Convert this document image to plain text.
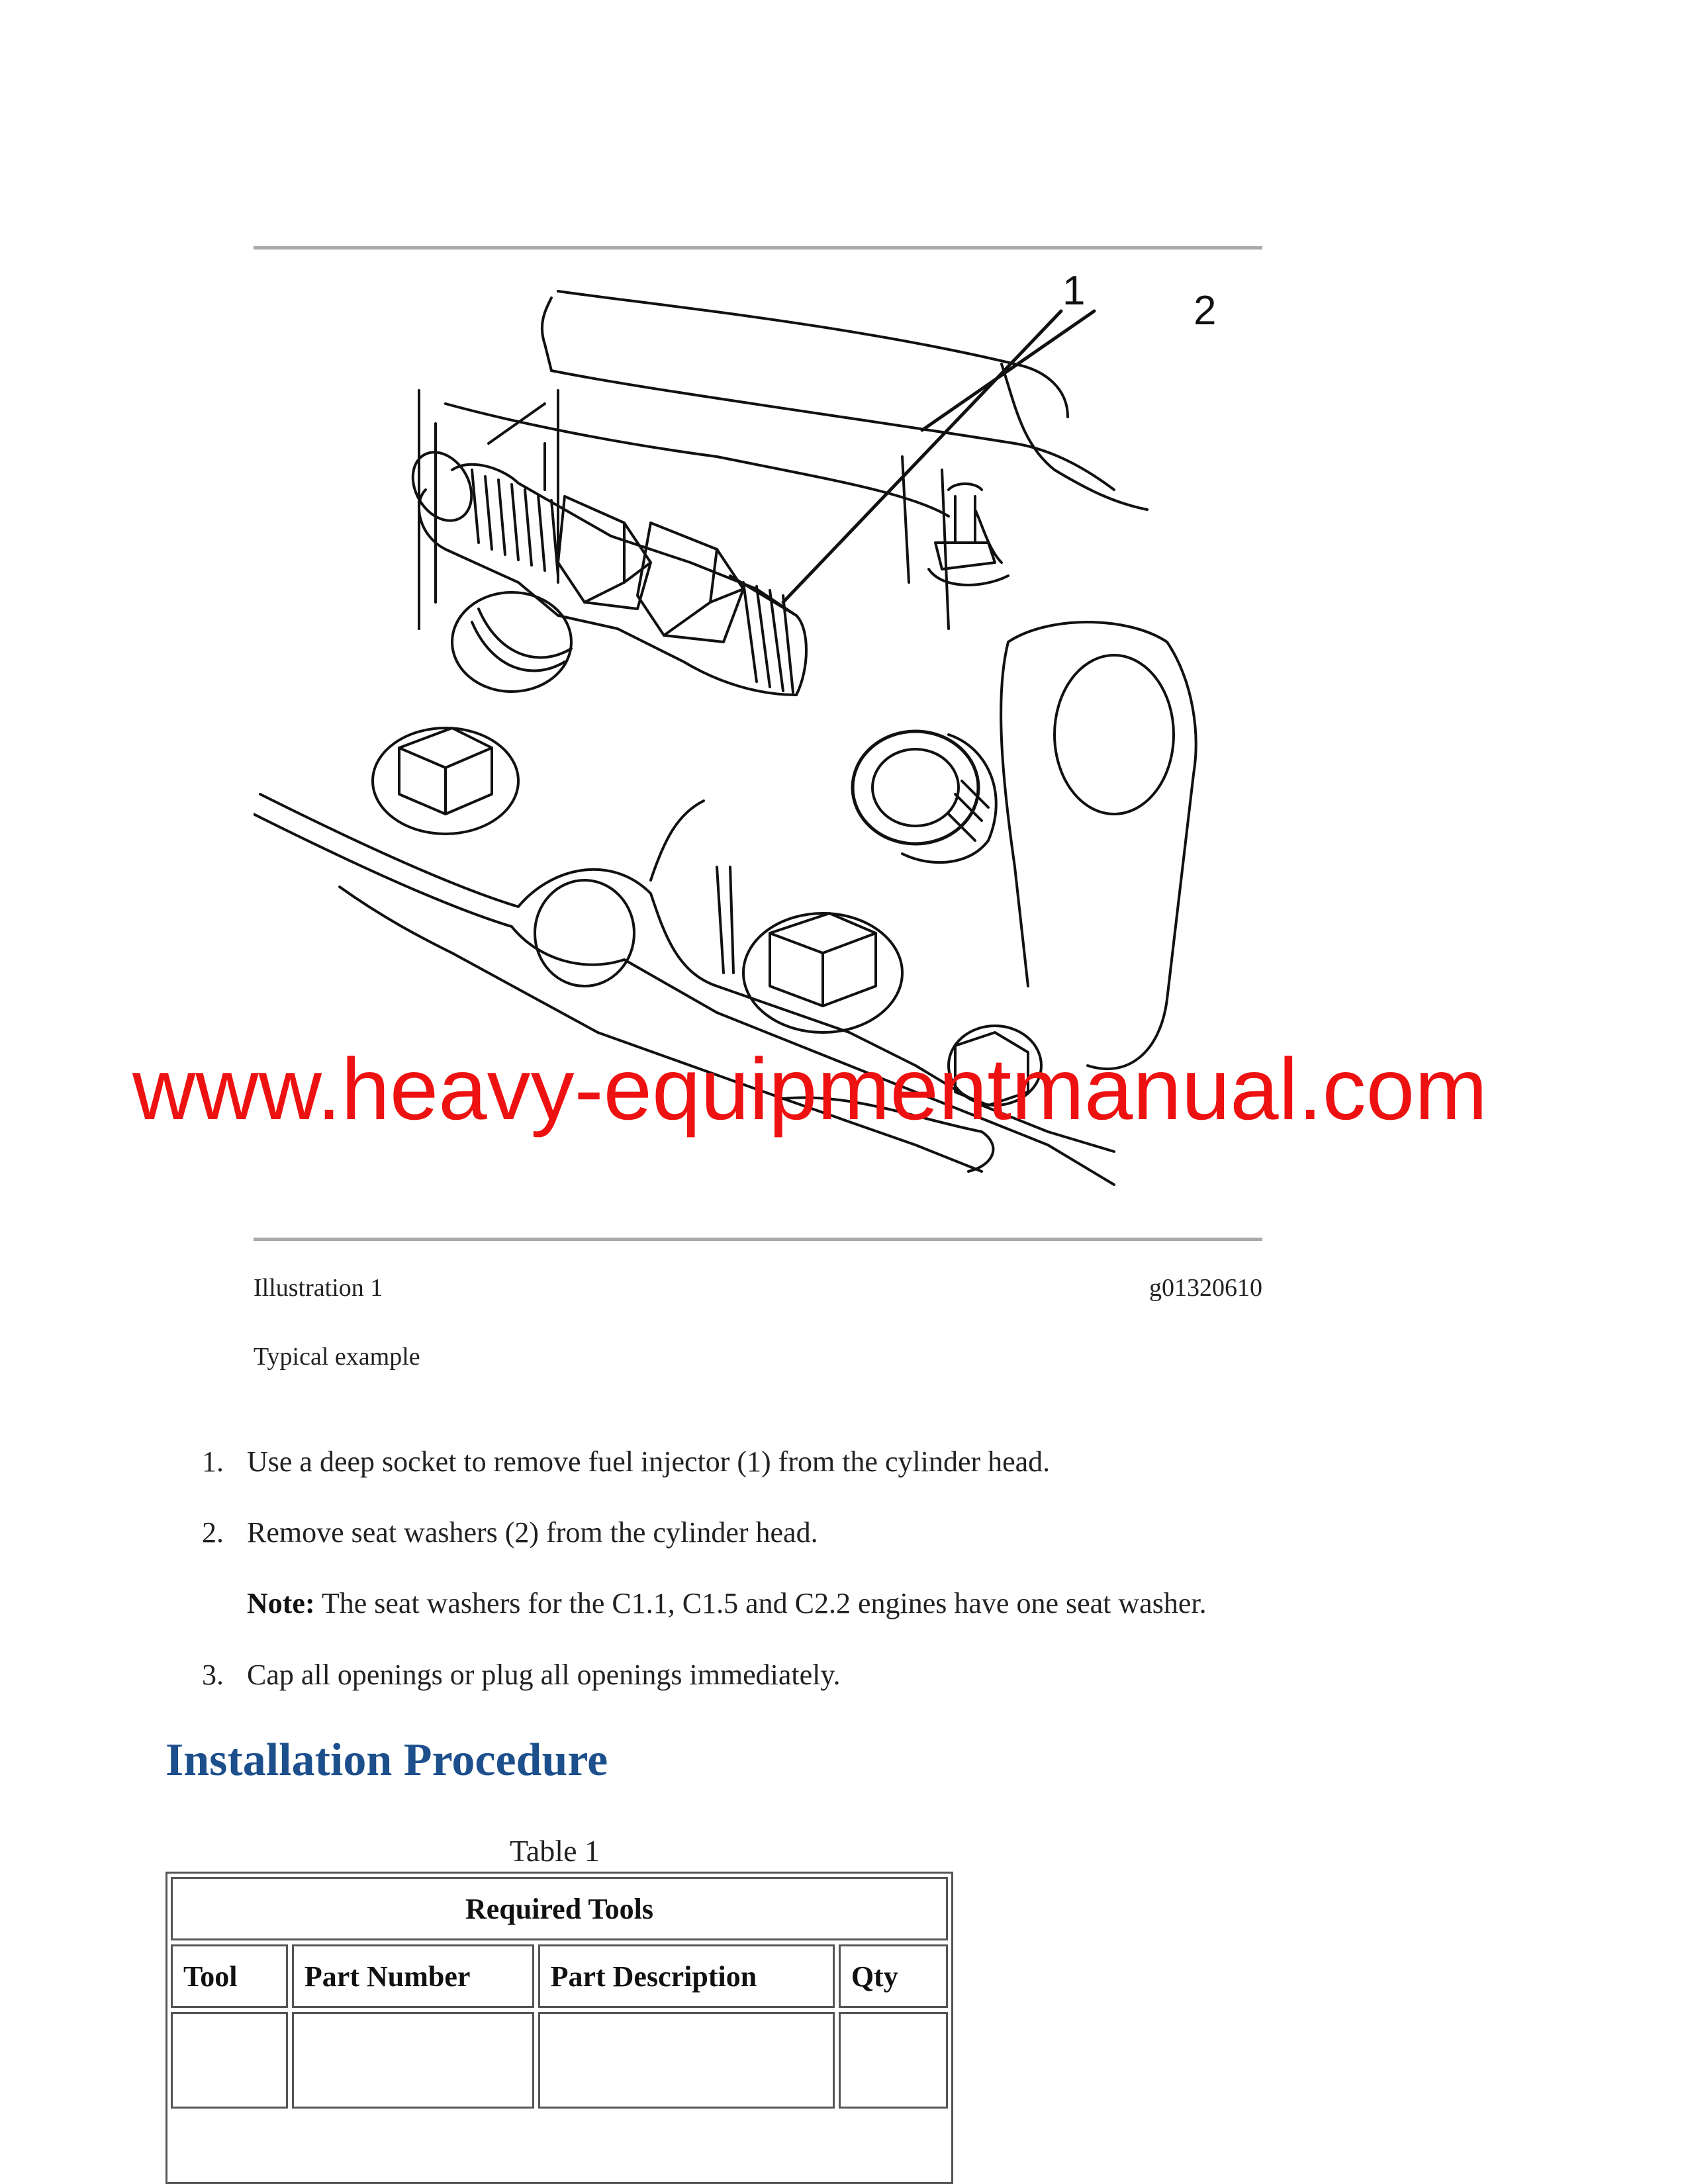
1	2
www.heavy-equipmentmanual.com
Illustration 1	g01320610
Typical example
1. Use a deep socket to remove fuel injector (1) from the cylinder head.
2. Remove seat washers (2) from the cylinder head.
Note: The seat washers for the C1.1, C1.5 and C2.2 engines have one seat washer.
3. Cap all openings or plug all openings immediately.
Installation Procedure
Table 1
Required Tools			
Tool	Part Number	Part Description	Qty
